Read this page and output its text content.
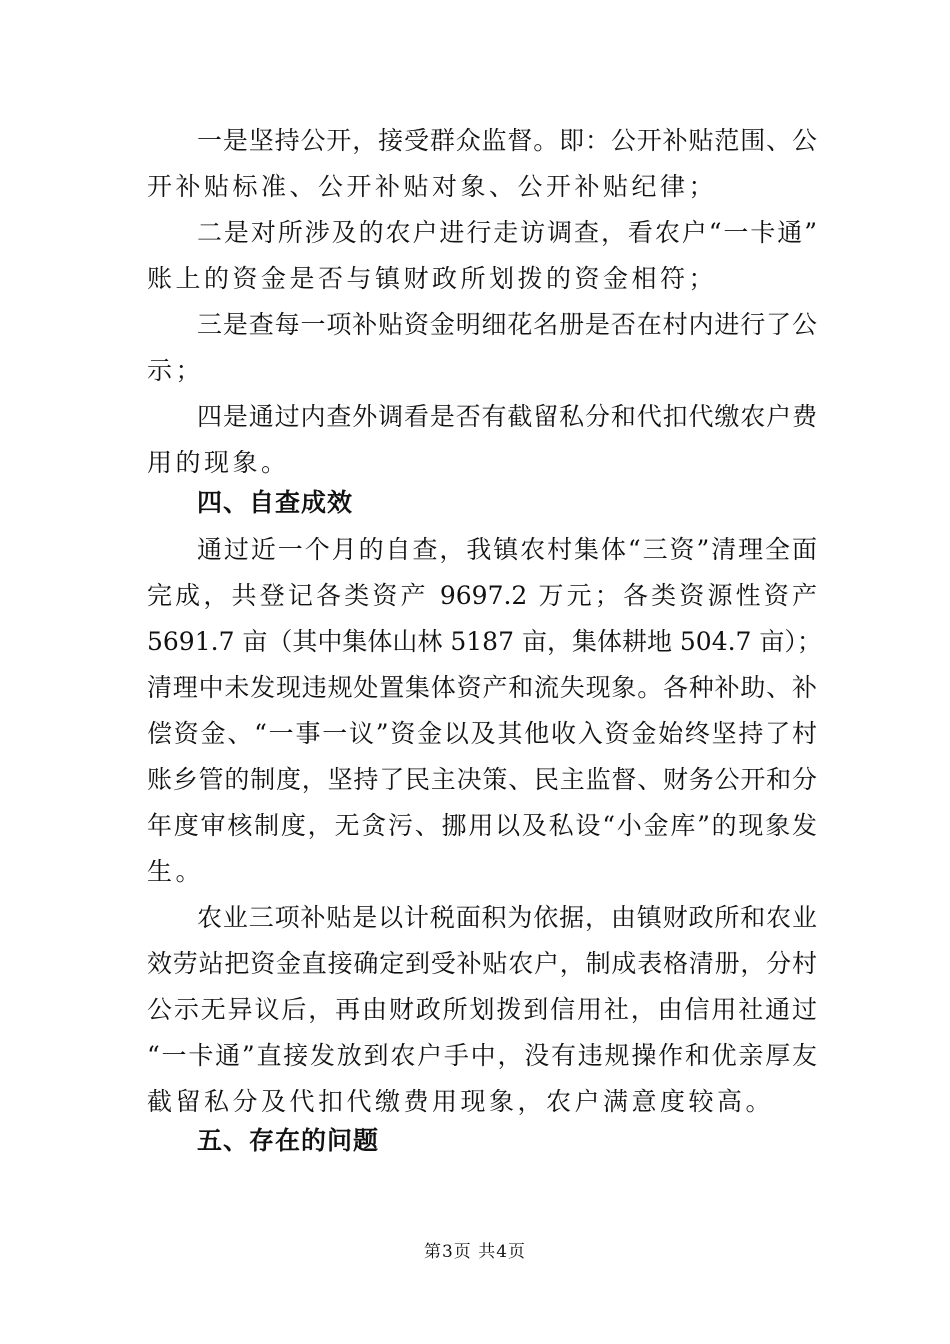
一是坚持公开，接受群众监督。即：公开补贴范围、公
开补贴标准、公开补贴对象、公开补贴纪律；
二是对所涉及的农户进行走访调查，看农户“一卡通”
账上的资金是否与镇财政所划拨的资金相符；
三是查每一项补贴资金明细花名册是否在村内进行了公
示；
四是通过内查外调看是否有截留私分和代扣代缴农户费
用的现象。
四、自查成效
通过近一个月的自查，我镇农村集体“三资”清理全面
完成，共登记各类资产 9697.2 万元；各类资源性资产
5691.7 亩（其中集体山林 5187 亩，集体耕地 504.7 亩）；
清理中未发现违规处置集体资产和流失现象。各种补助、补
偿资金、“一事一议”资金以及其他收入资金始终坚持了村
账乡管的制度，坚持了民主决策、民主监督、财务公开和分
年度审核制度，无贪污、挪用以及私设“小金库”的现象发
生。
农业三项补贴是以计税面积为依据，由镇财政所和农业
效劳站把资金直接确定到受补贴农户，制成表格清册，分村
公示无异议后，再由财政所划拨到信用社，由信用社通过
“一卡通”直接发放到农户手中，没有违规操作和优亲厚友
截留私分及代扣代缴费用现象，农户满意度较高。
五、存在的问题
第3页 共4页
